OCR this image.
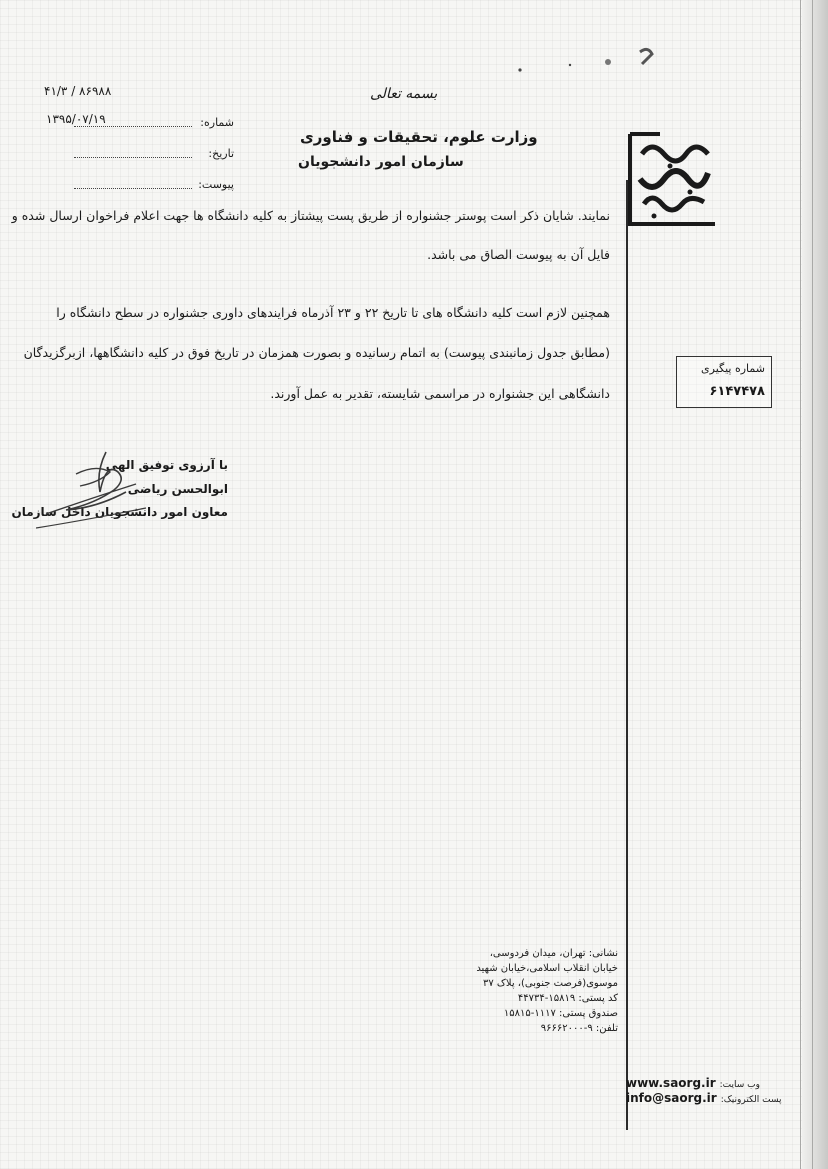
بسمه تعالی
وزارت علوم، تحقیقات و فناوری
سازمان امور دانشجویان
۴۱/۳ / ۸۶۹۸۸
شماره:
۱۳۹۵/۰۷/۱۹
تاریخ:
پیوست:
نمایند. شایان ذکر است پوستر جشنواره از طریق پست پیشتاز به کلیه دانشگاه ها جهت اعلام فراخوان ارسال شده و
فایل آن به پیوست الصاق می باشد.
همچنین لازم است کلیه دانشگاه های تا تاریخ ۲۲ و ۲۳ آذرماه فرایندهای داوری جشنواره در سطح دانشگاه را
(مطابق جدول زمانبندی پیوست) به اتمام رسانیده و بصورت همزمان در تاریخ فوق در کلیه دانشگاهها، ازبرگزیدگان
دانشگاهی این جشنواره در مراسمی شایسته، تقدیر به عمل آورند.
شماره پیگیری
۶۱۴۷۴۷۸
با آرزوی توفیق الهی
ابوالحسن ریاضی
معاون امور دانشجویان داخل سازمان
نشانی: تهران، میدان فردوسی،
خیابان انقلاب اسلامی،خیابان شهید
موسوی(فرصت جنوبی)، پلاک ۳۷
کد پستی: ۱۵۸۱۹-۴۴۷۳۴
صندوق پستی: ۱۱۱۷-۱۵۸۱۵
تلفن: ۹-۹۶۶۶۲۰۰۰
www.saorg.ir وب سایت:
info@saorg.ir پست الکترونیک:
